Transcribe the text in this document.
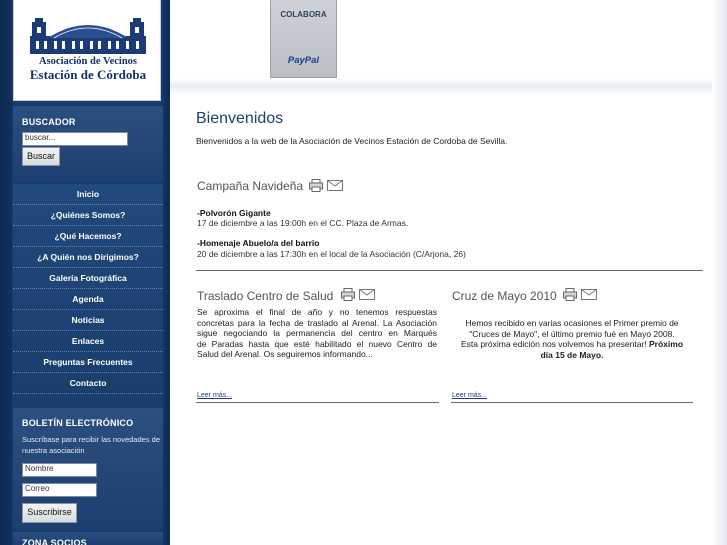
Asociación de Vecinos
Estación de Córdoba
BUSCADOR
buscar...
Buscar
Inicio
¿Quiénes Somos?
¿Qué Hacemos?
¿A Quién nos Dirigimos?
Galería Fotográfica
Agenda
Noticias
Enlaces
Preguntas Frecuentes
Contacto
BOLETÍN ELECTRÓNICO
Suscríbase para recibir las novedades de nuestra asociación
Nombre
Correo
Suscribirse
ZONA SOCIOS
COLABORA
PayPal
Bienvenidos
Bienvenidos a la web de la Asociación de Vecinos Estación de Cordoba de Sevilla.
Campaña Navideña
-Polvorón Gigante
17 de diciembre a las 19:00h en el CC. Plaza de Armas.
-Homenaje Abuelo/a del barrio
20 de diciembre a las 17:30h en el local de la Asociación (C/Arjona, 26)
Traslado Centro de Salud
Se aproxima el final de año y no tenemos respuestas
concretas para la fecha de traslado al Arenal. La Asociación
sigue negociando la permanencia del centro en Marqués
de Paradas hasta que esté habilitado el nuevo Centro de
Salud del Arenal. Os seguiremos informando...
Leer más...
Cruz de Mayo 2010
Hemos recibido en varias ocasiones el Primer premio de
"Cruces de Mayo", el último premio fué en Mayo 2008.
Esta próxima edición nos volvemos ha presentar! Próximo
día 15 de Mayo.
Leer más...
